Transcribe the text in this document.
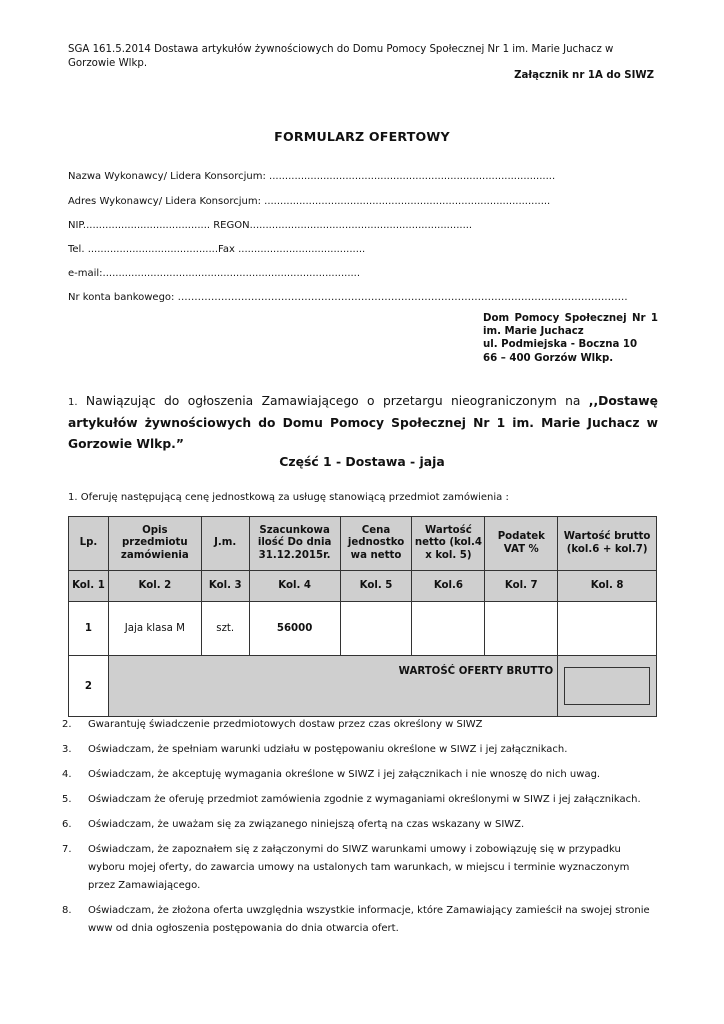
SGA 161.5.2014 Dostawa artykułów żywnościowych do Domu Pomocy Społecznej Nr 1 im. Marie Juchacz w Gorzowie Wlkp.
Załącznik nr 1A do SIWZ
FORMULARZ OFERTOWY
Nazwa Wykonawcy/ Lidera Konsorcjum: ..........................................................................................
Adres Wykonawcy/ Lidera Konsorcjum: ..........................................................................................
NIP........................................ REGON......................................................................
Tel. .........................................Fax ........................................
e-mail:.................................................................................
Nr konta bankowego: ………………………………………………………………………………………………………………………
Dom Pomocy Społecznej Nr 1
im. Marie Juchacz
ul. Podmiejska - Boczna 10
66 – 400 Gorzów Wlkp.
1. Nawiązując do ogłoszenia Zamawiającego o przetargu nieograniczonym na ,,Dostawę artykułów żywnościowych do Domu Pomocy Społecznej Nr 1 im. Marie Juchacz w Gorzowie Wlkp.”
Część 1 - Dostawa - jaja
1. Oferuję następującą cenę jednostkową za usługę stanowiącą przedmiot zamówienia :
Lp.	Opis przedmiotu zamówienia	J.m.	Szacunkowa ilość Do dnia 31.12.2015r.	Cena jednostko wa netto	Wartość netto (kol.4 x kol. 5)	Podatek VAT %	Wartość brutto (kol.6 + kol.7)
Kol. 1	Kol. 2	Kol. 3	Kol. 4	Kol. 5	Kol.6	Kol. 7	Kol. 8
1	Jaja klasa M	szt.	56000				
2	WARTOŚĆ OFERTY BRUTTO						
2. Gwarantuję świadczenie przedmiotowych dostaw przez czas określony w SIWZ
3. Oświadczam, że spełniam warunki udziału w postępowaniu określone w SIWZ i jej załącznikach.
4. Oświadczam, że akceptuję wymagania określone w SIWZ i jej załącznikach i nie wnoszę do nich uwag.
5. Oświadczam że oferuję przedmiot zamówienia zgodnie z wymaganiami określonymi w SIWZ i jej załącznikach.
6. Oświadczam, że uważam się za związanego niniejszą ofertą na czas wskazany w SIWZ.
7. Oświadczam, że zapoznałem się z załączonymi do SIWZ warunkami umowy i zobowiązuję się w przypadku wyboru mojej oferty, do zawarcia umowy na ustalonych tam warunkach, w miejscu i terminie wyznaczonym przez Zamawiającego.
8. Oświadczam, że złożona oferta uwzględnia wszystkie informacje, które Zamawiający zamieścił na swojej stronie www od dnia ogłoszenia postępowania do dnia otwarcia ofert.
